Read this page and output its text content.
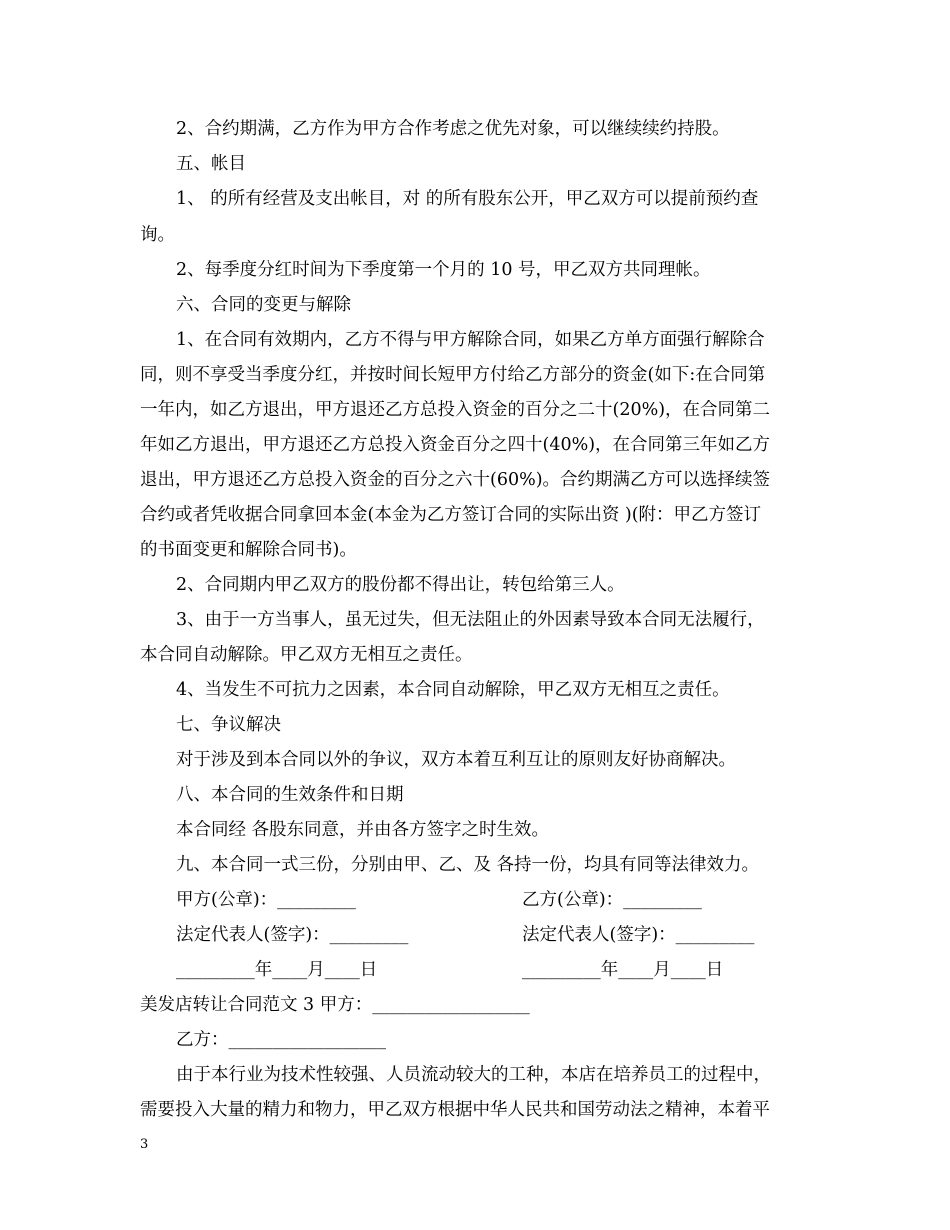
2、合约期满，乙方作为甲方合作考虑之优先对象，可以继续续约持股。
五、帐目
1、 的所有经营及支出帐目，对 的所有股东公开，甲乙双方可以提前预约查
询。
2、每季度分红时间为下季度第一个月的 10 号，甲乙双方共同理帐。
六、合同的变更与解除
1、在合同有效期内，乙方不得与甲方解除合同，如果乙方单方面强行解除合
同，则不享受当季度分红，并按时间长短甲方付给乙方部分的资金(如下:在合同第
一年内，如乙方退出，甲方退还乙方总投入资金的百分之二十(20%)，在合同第二
年如乙方退出，甲方退还乙方总投入资金百分之四十(40%)，在合同第三年如乙方
退出，甲方退还乙方总投入资金的百分之六十(60%)。合约期满乙方可以选择续签
合约或者凭收据合同拿回本金(本金为乙方签订合同的实际出资 )(附：甲乙方签订
的书面变更和解除合同书)。
2、合同期内甲乙双方的股份都不得出让，转包给第三人。
3、由于一方当事人，虽无过失，但无法阻止的外因素导致本合同无法履行，
本合同自动解除。甲乙双方无相互之责任。
4、当发生不可抗力之因素，本合同自动解除，甲乙双方无相互之责任。
七、争议解决
对于涉及到本合同以外的争议，双方本着互利互让的原则友好协商解决。
八、本合同的生效条件和日期
本合同经 各股东同意，并由各方签字之时生效。
九、本合同一式三份，分别由甲、乙、及 各持一份，均具有同等法律效力。
甲方(公章)：_________	乙方(公章)：_________
法定代表人(签字)：_________	法定代表人(签字)：_________
_________年____月____日	_________年____月____日
美发店转让合同范文 3 甲方：__________________
乙方：__________________
由于本行业为技术性较强、人员流动较大的工种，本店在培养员工的过程中，
需要投入大量的精力和物力，甲乙双方根据中华人民共和国劳动法之精神，本着平
3
